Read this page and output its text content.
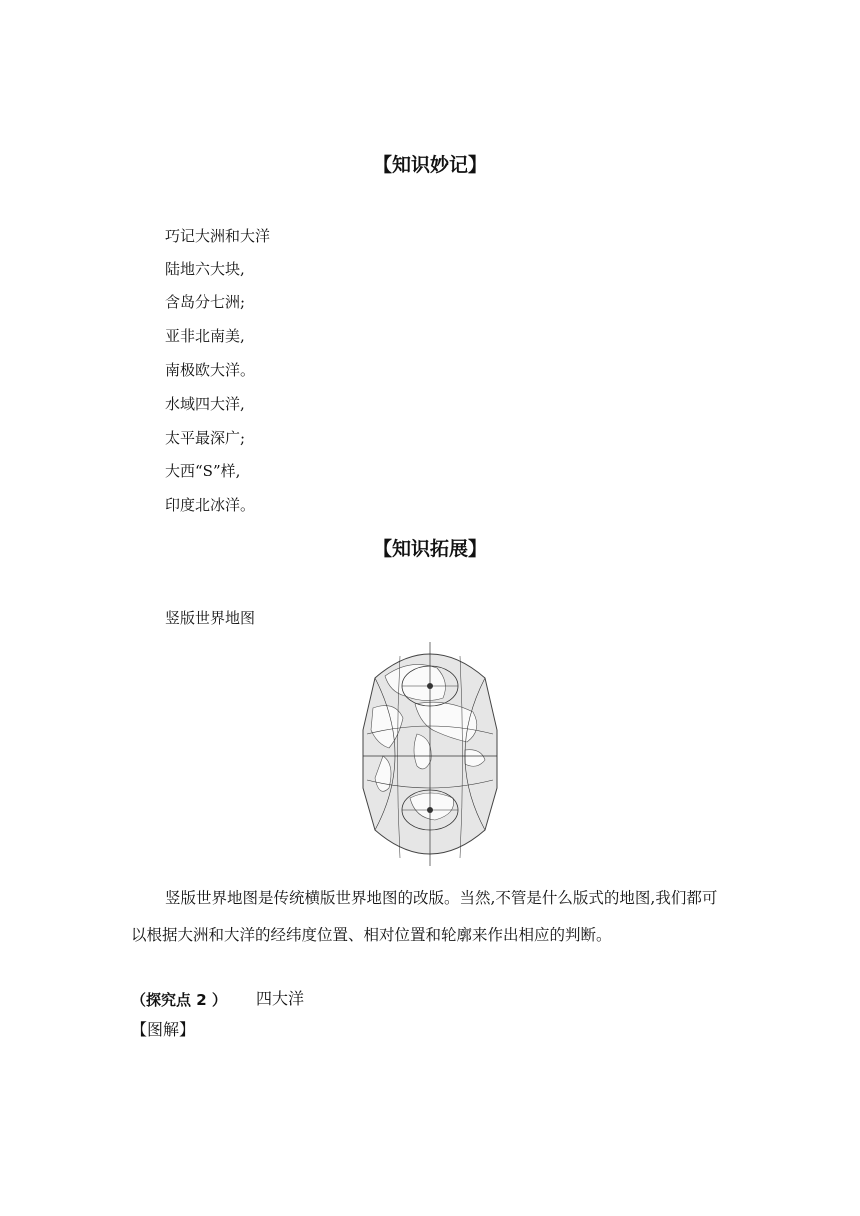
【知识妙记】
巧记大洲和大洋
陆地六大块,
含岛分七洲;
亚非北南美,
南极欧大洋。
水域四大洋,
太平最深广;
大西“S”样,
印度北冰洋。
【知识拓展】
竖版世界地图
竖版世界地图是传统横版世界地图的改版。当然,不管是什么版式的地图,我们都可以根据大洲和大洋的经纬度位置、相对位置和轮廓来作出相应的判断。
（探究点 2 ） 四大洋
【图解】
